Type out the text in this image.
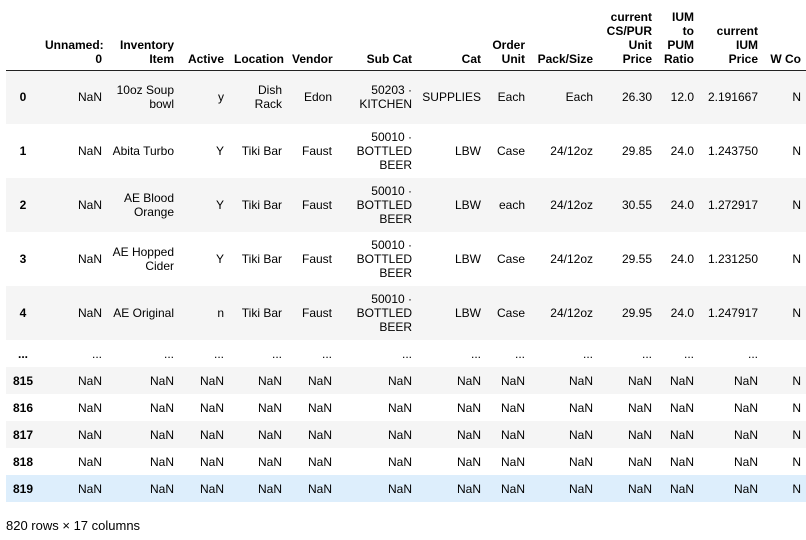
	Unnamed: 0	Inventory Item	Active	Location	Vendor	Sub Cat	Cat	Order Unit	Pack/Size	current CS/PUR Unit Price	IUM to PUM Ratio	current IUM Price	W Co
0	NaN	10oz Soup bowl	y	Dish Rack	Edon	50203 · KITCHEN	SUPPLIES	Each	Each	26.30	12.0	2.191667	N
1	NaN	Abita Turbo	Y	Tiki Bar	Faust	50010 · BOTTLED BEER	LBW	Case	24/12oz	29.85	24.0	1.243750	N
2	NaN	AE Blood Orange	Y	Tiki Bar	Faust	50010 · BOTTLED BEER	LBW	each	24/12oz	30.55	24.0	1.272917	N
3	NaN	AE Hopped Cider	Y	Tiki Bar	Faust	50010 · BOTTLED BEER	LBW	Case	24/12oz	29.55	24.0	1.231250	N
4	NaN	AE Original	n	Tiki Bar	Faust	50010 · BOTTLED BEER	LBW	Case	24/12oz	29.95	24.0	1.247917	N
...	...	...	...	...	...	...	...	...	...	...	...	...	
815	NaN	NaN	NaN	NaN	NaN	NaN	NaN	NaN	NaN	NaN	NaN	NaN	N
816	NaN	NaN	NaN	NaN	NaN	NaN	NaN	NaN	NaN	NaN	NaN	NaN	N
817	NaN	NaN	NaN	NaN	NaN	NaN	NaN	NaN	NaN	NaN	NaN	NaN	N
818	NaN	NaN	NaN	NaN	NaN	NaN	NaN	NaN	NaN	NaN	NaN	NaN	N
819	NaN	NaN	NaN	NaN	NaN	NaN	NaN	NaN	NaN	NaN	NaN	NaN	N
820 rows × 17 columns
